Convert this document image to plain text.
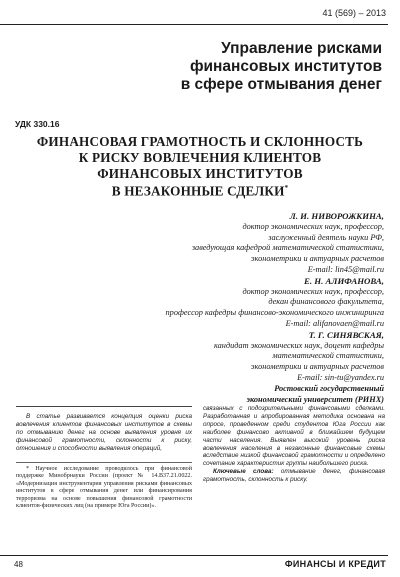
41 (569) – 2013
Управление рисками
финансовых институтов
в сфере отмывания денег
УДК 330.16
ФИНАНСОВАЯ ГРАМОТНОСТЬ И СКЛОННОСТЬ
К РИСКУ ВОВЛЕЧЕНИЯ КЛИЕНТОВ
ФИНАНСОВЫХ ИНСТИТУТОВ
В НЕЗАКОННЫЕ СДЕЛКИ*
Л. И. НИВОРОЖКИНА,
доктор экономических наук, профессор,
заслуженный деятель науки РФ,
заведующая кафедрой математической статистики,
эконометрики и актуарных расчетов
E-mail: lin45@mail.ru
Е. Н. АЛИФАНОВА,
доктор экономических наук, профессор,
декан финансового факультета,
профессор кафедры финансово-экономического инжиниринга
E-mail: alifanovaen@mail.ru
Т. Г. СИНЯВСКАЯ,
кандидат экономических наук, доцент кафедры
математической статистики,
эконометрики и актуарных расчетов
E-mail: sin-tu@yandex.ru
Ростовский государственный
экономический университет (РИНХ)

В статье развивается концепция оценки риска вовлечения клиентов финансовых институтов в схемы по отмыванию денег на основе выявления уровня их финансовой грамотности, склонности к риску, отношения и способности выявления операций,

* Научное исследование проводилось при финансовой поддержке Минобрнауки России (проект № 14.В37.21.0022. «Модернизация инструментария управления рисками финансовых институтов в сфере отмывания денег или финансирования терроризма на основе повышения финансовой грамотности клиентов-физических лиц (на примере Юга России)».

связанных с подозрительными финансовыми сделками. Разработанная и апробированная методика основана на опросе, проведенном среди студентов Юга России как наиболее финансово активной в ближайшем будущем части населения. Выявлен высокий уровень риска вовлечения населения в незаконные финансовые схемы вследствие низкой финансовой грамотности и определено сочетание характеристик группы наибольшего риска.

Ключевые слова: отмывание денег, финансовая грамотность, склонность к риску.

48	ФИНАНСЫ И КРЕДИТ
